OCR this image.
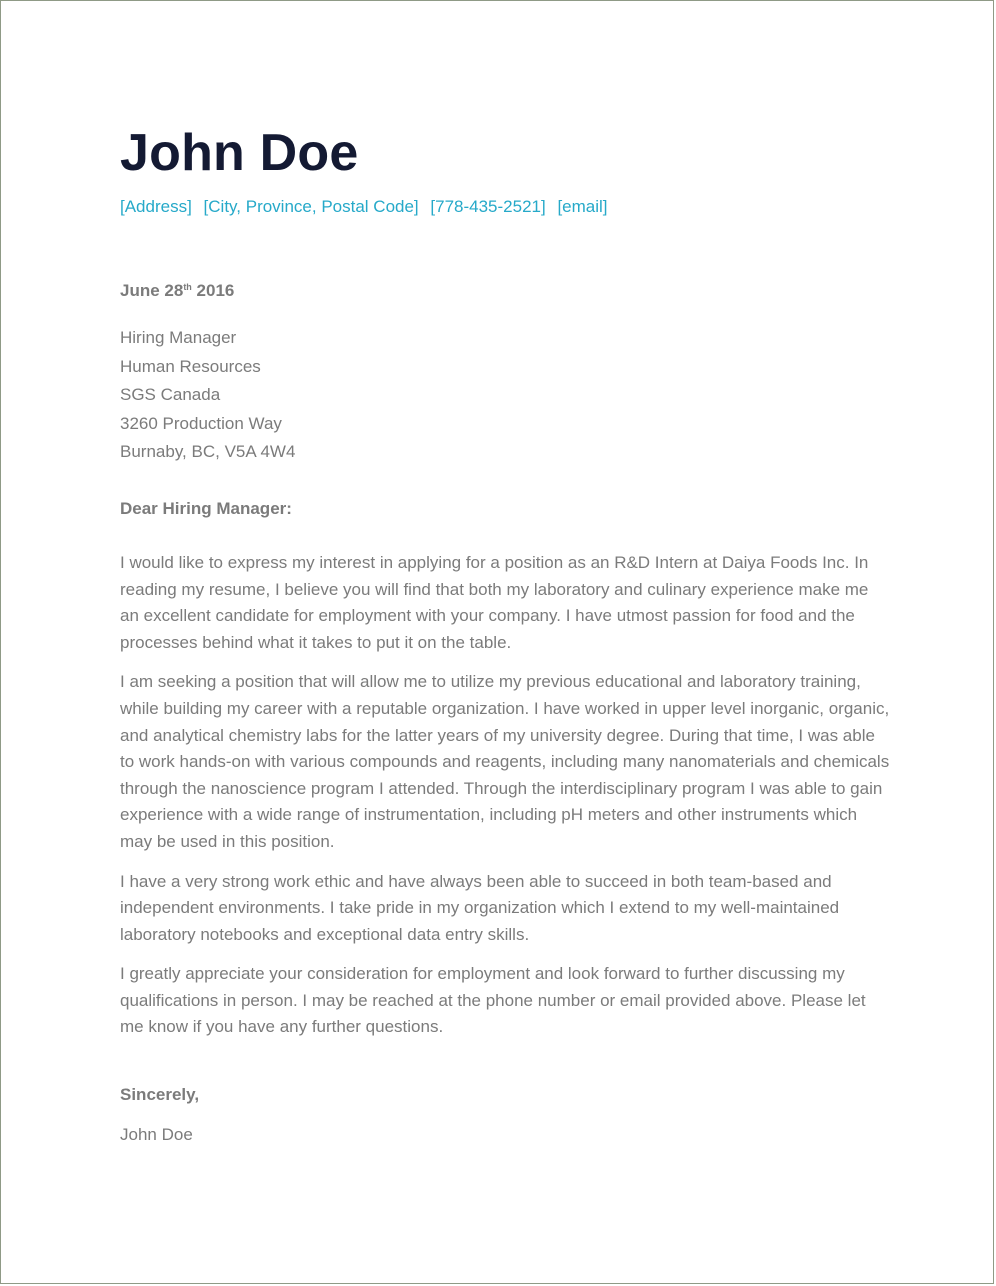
John Doe
[Address] [City, Province, Postal Code] [778-435-2521] [email]
June 28th 2016
Hiring Manager
Human Resources
SGS Canada
3260 Production Way
Burnaby, BC, V5A 4W4
Dear Hiring Manager:

I would like to express my interest in applying for a position as an R&D Intern at Daiya Foods Inc. In reading my resume, I believe you will find that both my laboratory and culinary experience make me an excellent candidate for employment with your company. I have utmost passion for food and the processes behind what it takes to put it on the table.

I am seeking a position that will allow me to utilize my previous educational and laboratory training, while building my career with a reputable organization. I have worked in upper level inorganic, organic, and analytical chemistry labs for the latter years of my university degree. During that time, I was able to work hands-on with various compounds and reagents, including many nanomaterials and chemicals through the nanoscience program I attended. Through the interdisciplinary program I was able to gain experience with a wide range of instrumentation, including pH meters and other instruments which may be used in this position.

I have a very strong work ethic and have always been able to succeed in both team-based and independent environments. I take pride in my organization which I extend to my well-maintained laboratory notebooks and exceptional data entry skills.

I greatly appreciate your consideration for employment and look forward to further discussing my qualifications in person. I may be reached at the phone number or email provided above. Please let me know if you have any further questions.

Sincerely,
John Doe
